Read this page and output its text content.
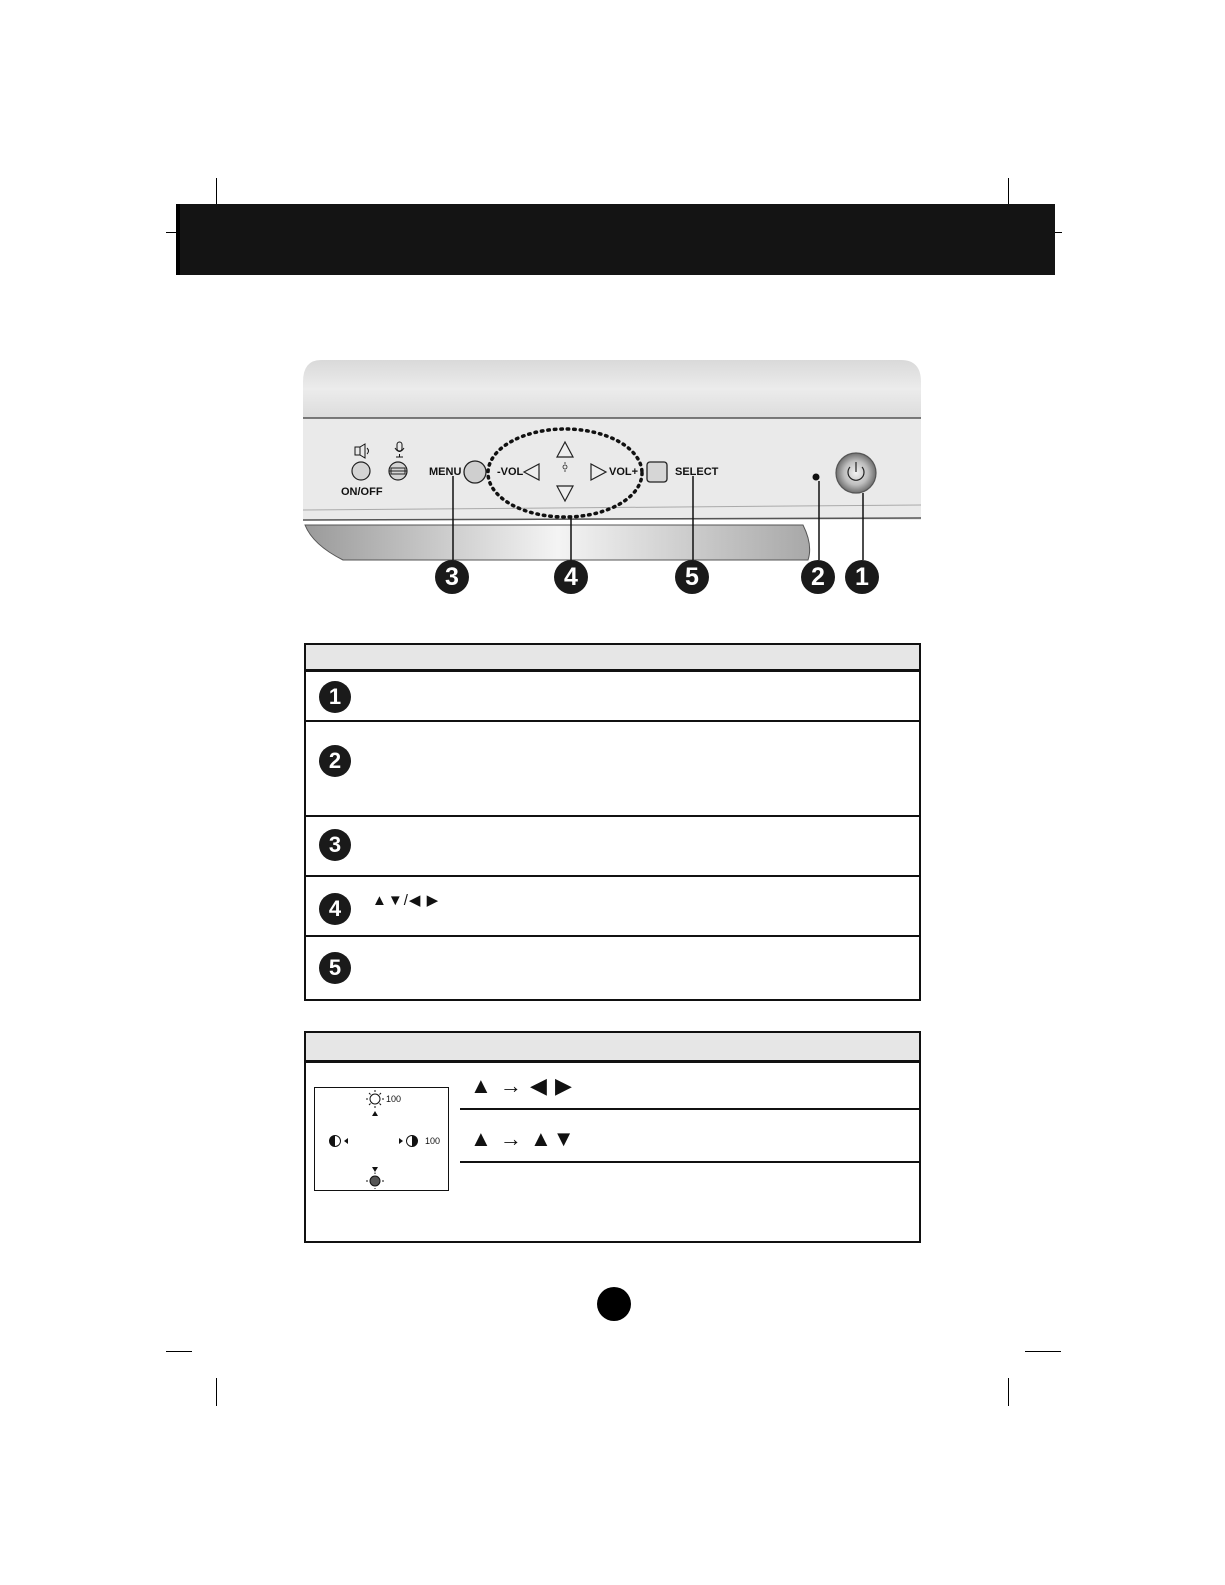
ON/OFF
MENU	-VOL	VOL+	SELECT
3	4	5	2	1
1
2
3
4	▲▼/◀ ▶
5
100
100
▲ → ◀ ▶
▲ → ▲▼
